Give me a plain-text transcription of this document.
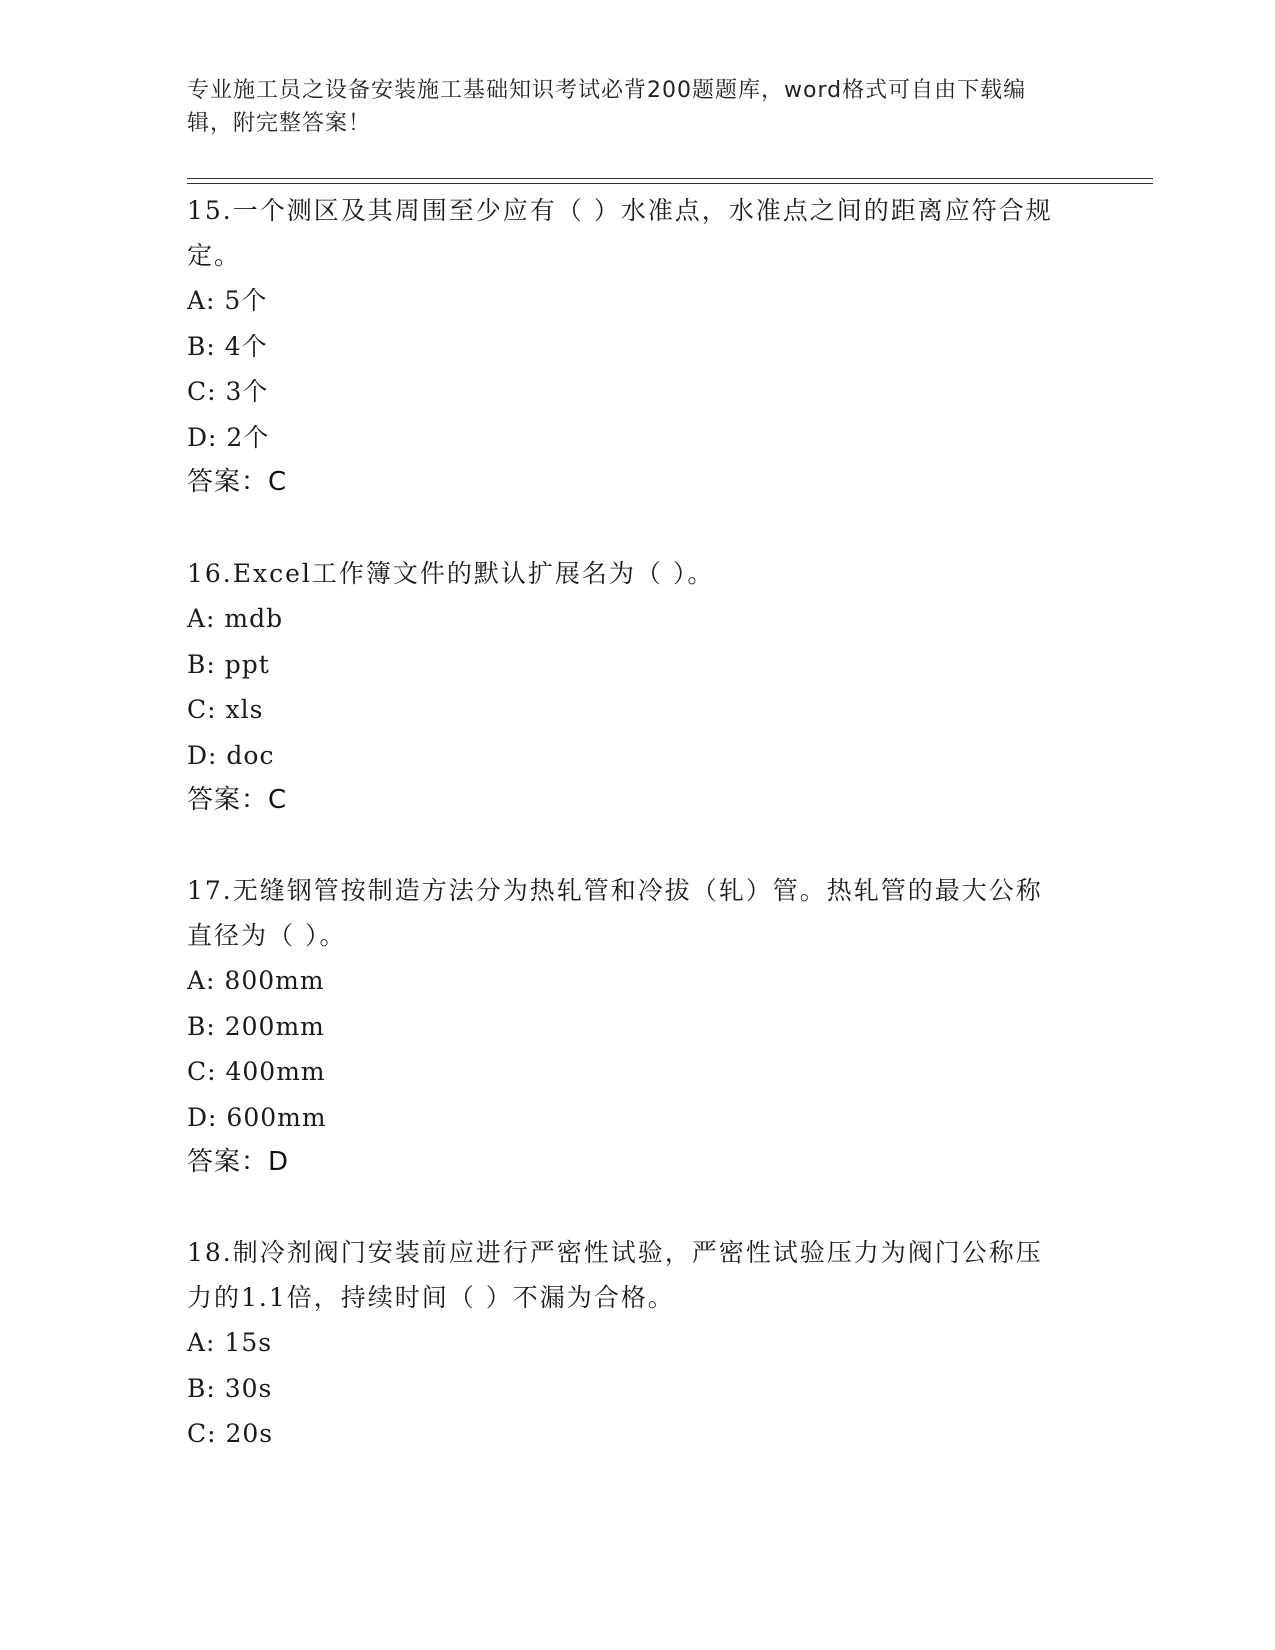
专业施工员之设备安装施工基础知识考试必背200题题库，word格式可自由下载编辑，附完整答案！

15.一个测区及其周围至少应有（ ）水准点，水准点之间的距离应符合规定。

A: 5个

B: 4个

C: 3个

D: 2个

答案：C

16.Excel工作簿文件的默认扩展名为（ ）。

A: mdb

B: ppt

C: xls

D: doc

答案：C

17.无缝钢管按制造方法分为热轧管和冷拔（轧）管。热轧管的最大公称直径为（ ）。

A: 800mm

B: 200mm

C: 400mm

D: 600mm

答案：D

18.制冷剂阀门安装前应进行严密性试验，严密性试验压力为阀门公称压力的1.1倍，持续时间（ ）不漏为合格。

A: 15s

B: 30s

C: 20s
